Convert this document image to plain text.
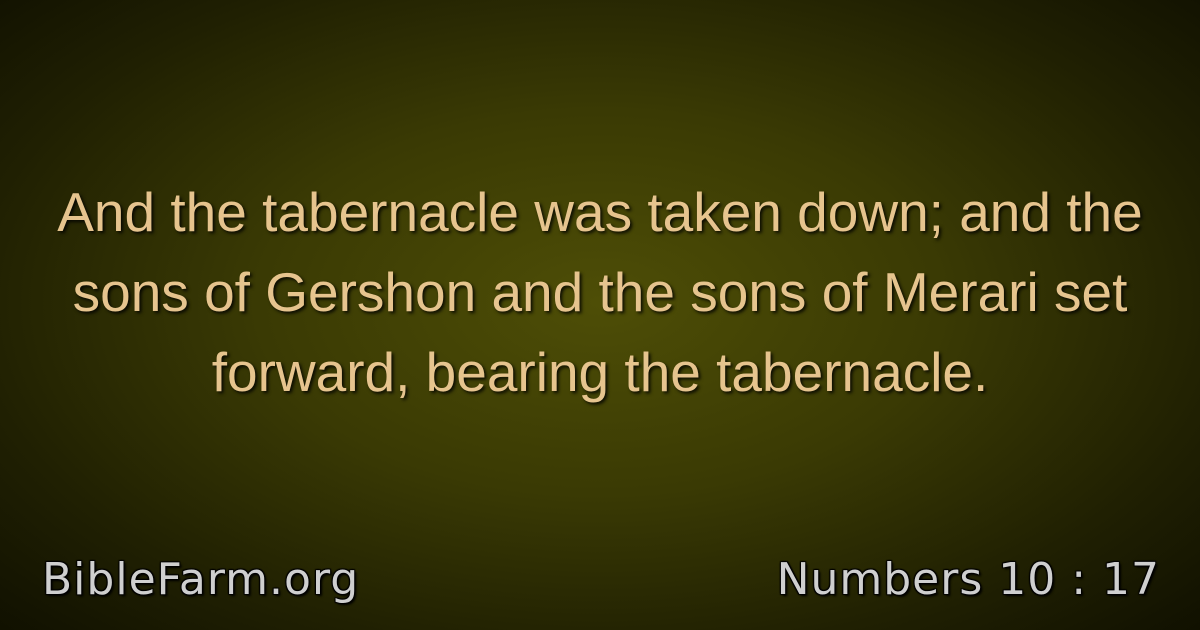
And the tabernacle was taken down; and the sons of Gershon and the sons of Merari set forward, bearing the tabernacle.

BibleFarm.org	Numbers 10 : 17
